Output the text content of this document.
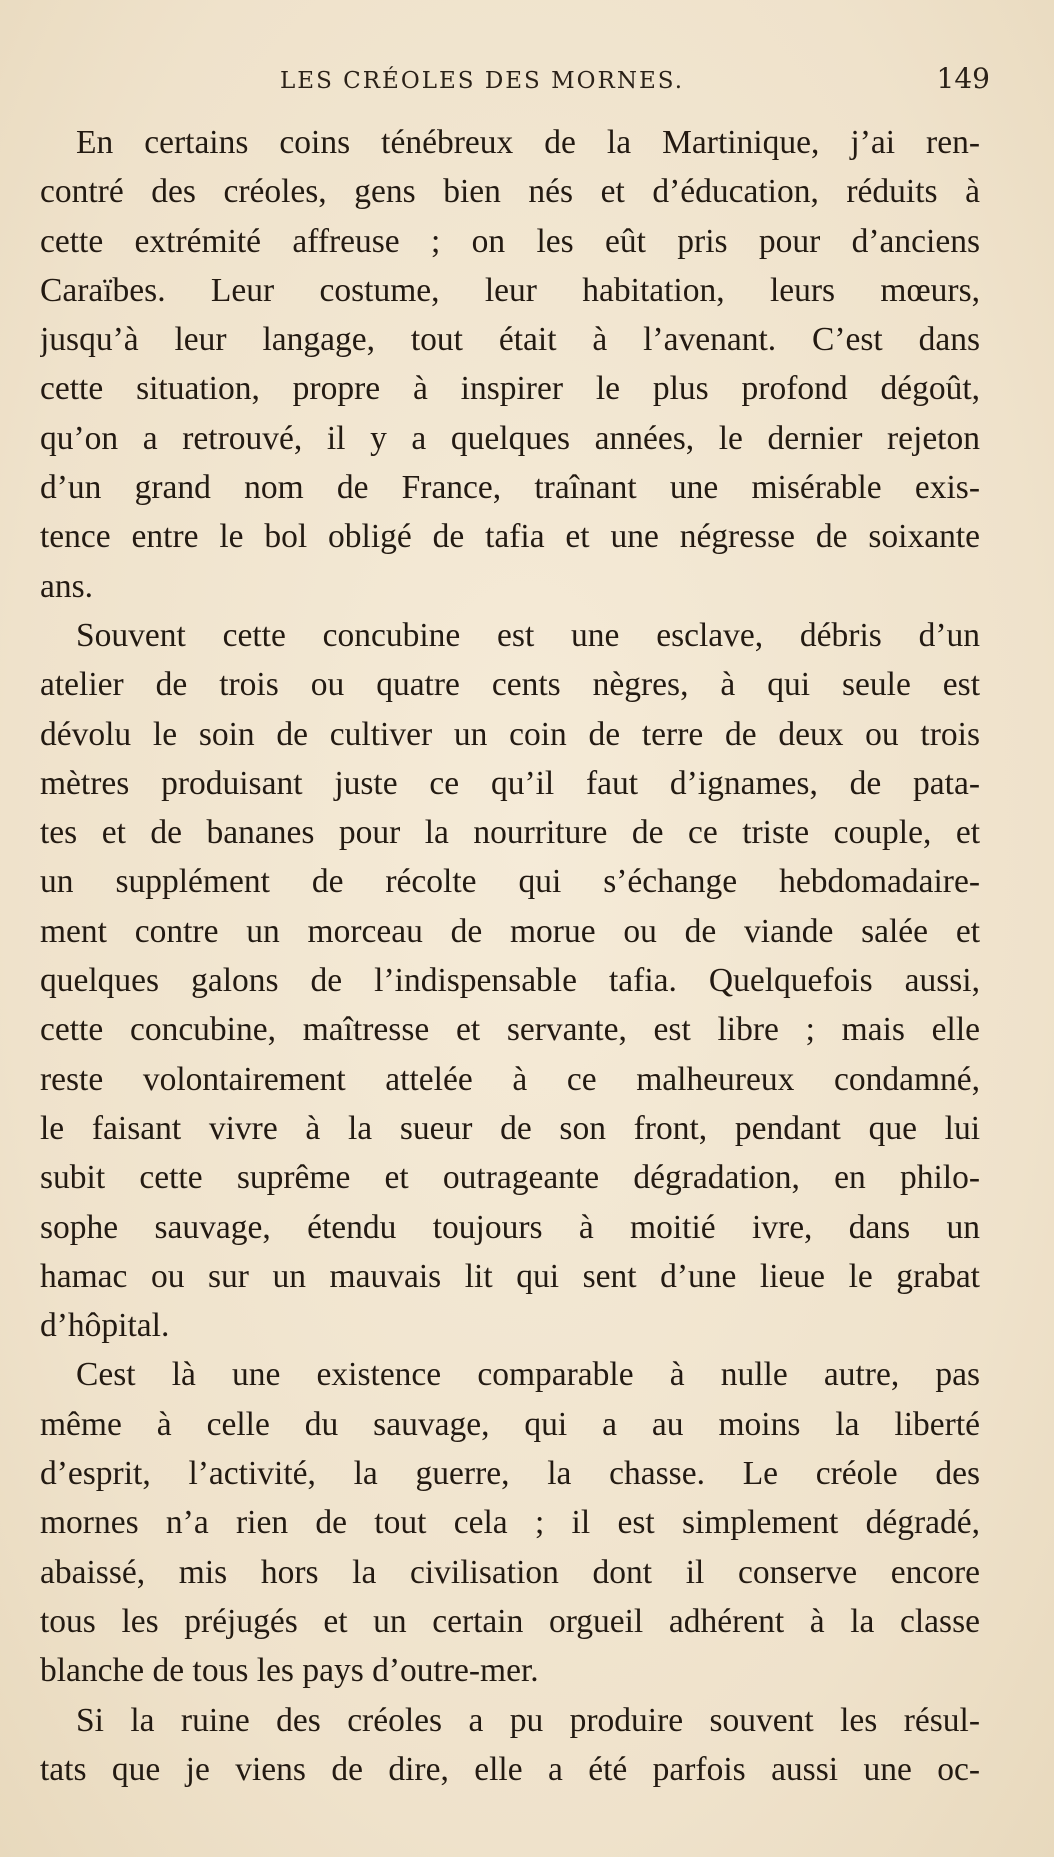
LES CRÉOLES DES MORNES.	149
En certains coins ténébreux de la Martinique, j’ai ren-
contré des créoles, gens bien nés et d’éducation, réduits à
cette extrémité affreuse ; on les eût pris pour d’anciens
Caraïbes. Leur costume, leur habitation, leurs mœurs,
jusqu’à leur langage, tout était à l’avenant. C’est dans
cette situation, propre à inspirer le plus profond dégoût,
qu’on a retrouvé, il y a quelques années, le dernier rejeton
d’un grand nom de France, traînant une misérable exis-
tence entre le bol obligé de tafia et une négresse de soixante
ans.
Souvent cette concubine est une esclave, débris d’un
atelier de trois ou quatre cents nègres, à qui seule est
dévolu le soin de cultiver un coin de terre de deux ou trois
mètres produisant juste ce qu’il faut d’ignames, de pata-
tes et de bananes pour la nourriture de ce triste couple, et
un supplément de récolte qui s’échange hebdomadaire-
ment contre un morceau de morue ou de viande salée et
quelques galons de l’indispensable tafia. Quelquefois aussi,
cette concubine, maîtresse et servante, est libre ; mais elle
reste volontairement attelée à ce malheureux condamné,
le faisant vivre à la sueur de son front, pendant que lui
subit cette suprême et outrageante dégradation, en philo-
sophe sauvage, étendu toujours à moitié ivre, dans un
hamac ou sur un mauvais lit qui sent d’une lieue le grabat
d’hôpital.
Cest là une existence comparable à nulle autre, pas
même à celle du sauvage, qui a au moins la liberté
d’esprit, l’activité, la guerre, la chasse. Le créole des
mornes n’a rien de tout cela ; il est simplement dégradé,
abaissé, mis hors la civilisation dont il conserve encore
tous les préjugés et un certain orgueil adhérent à la classe
blanche de tous les pays d’outre-mer.
Si la ruine des créoles a pu produire souvent les résul-
tats que je viens de dire, elle a été parfois aussi une oc-
